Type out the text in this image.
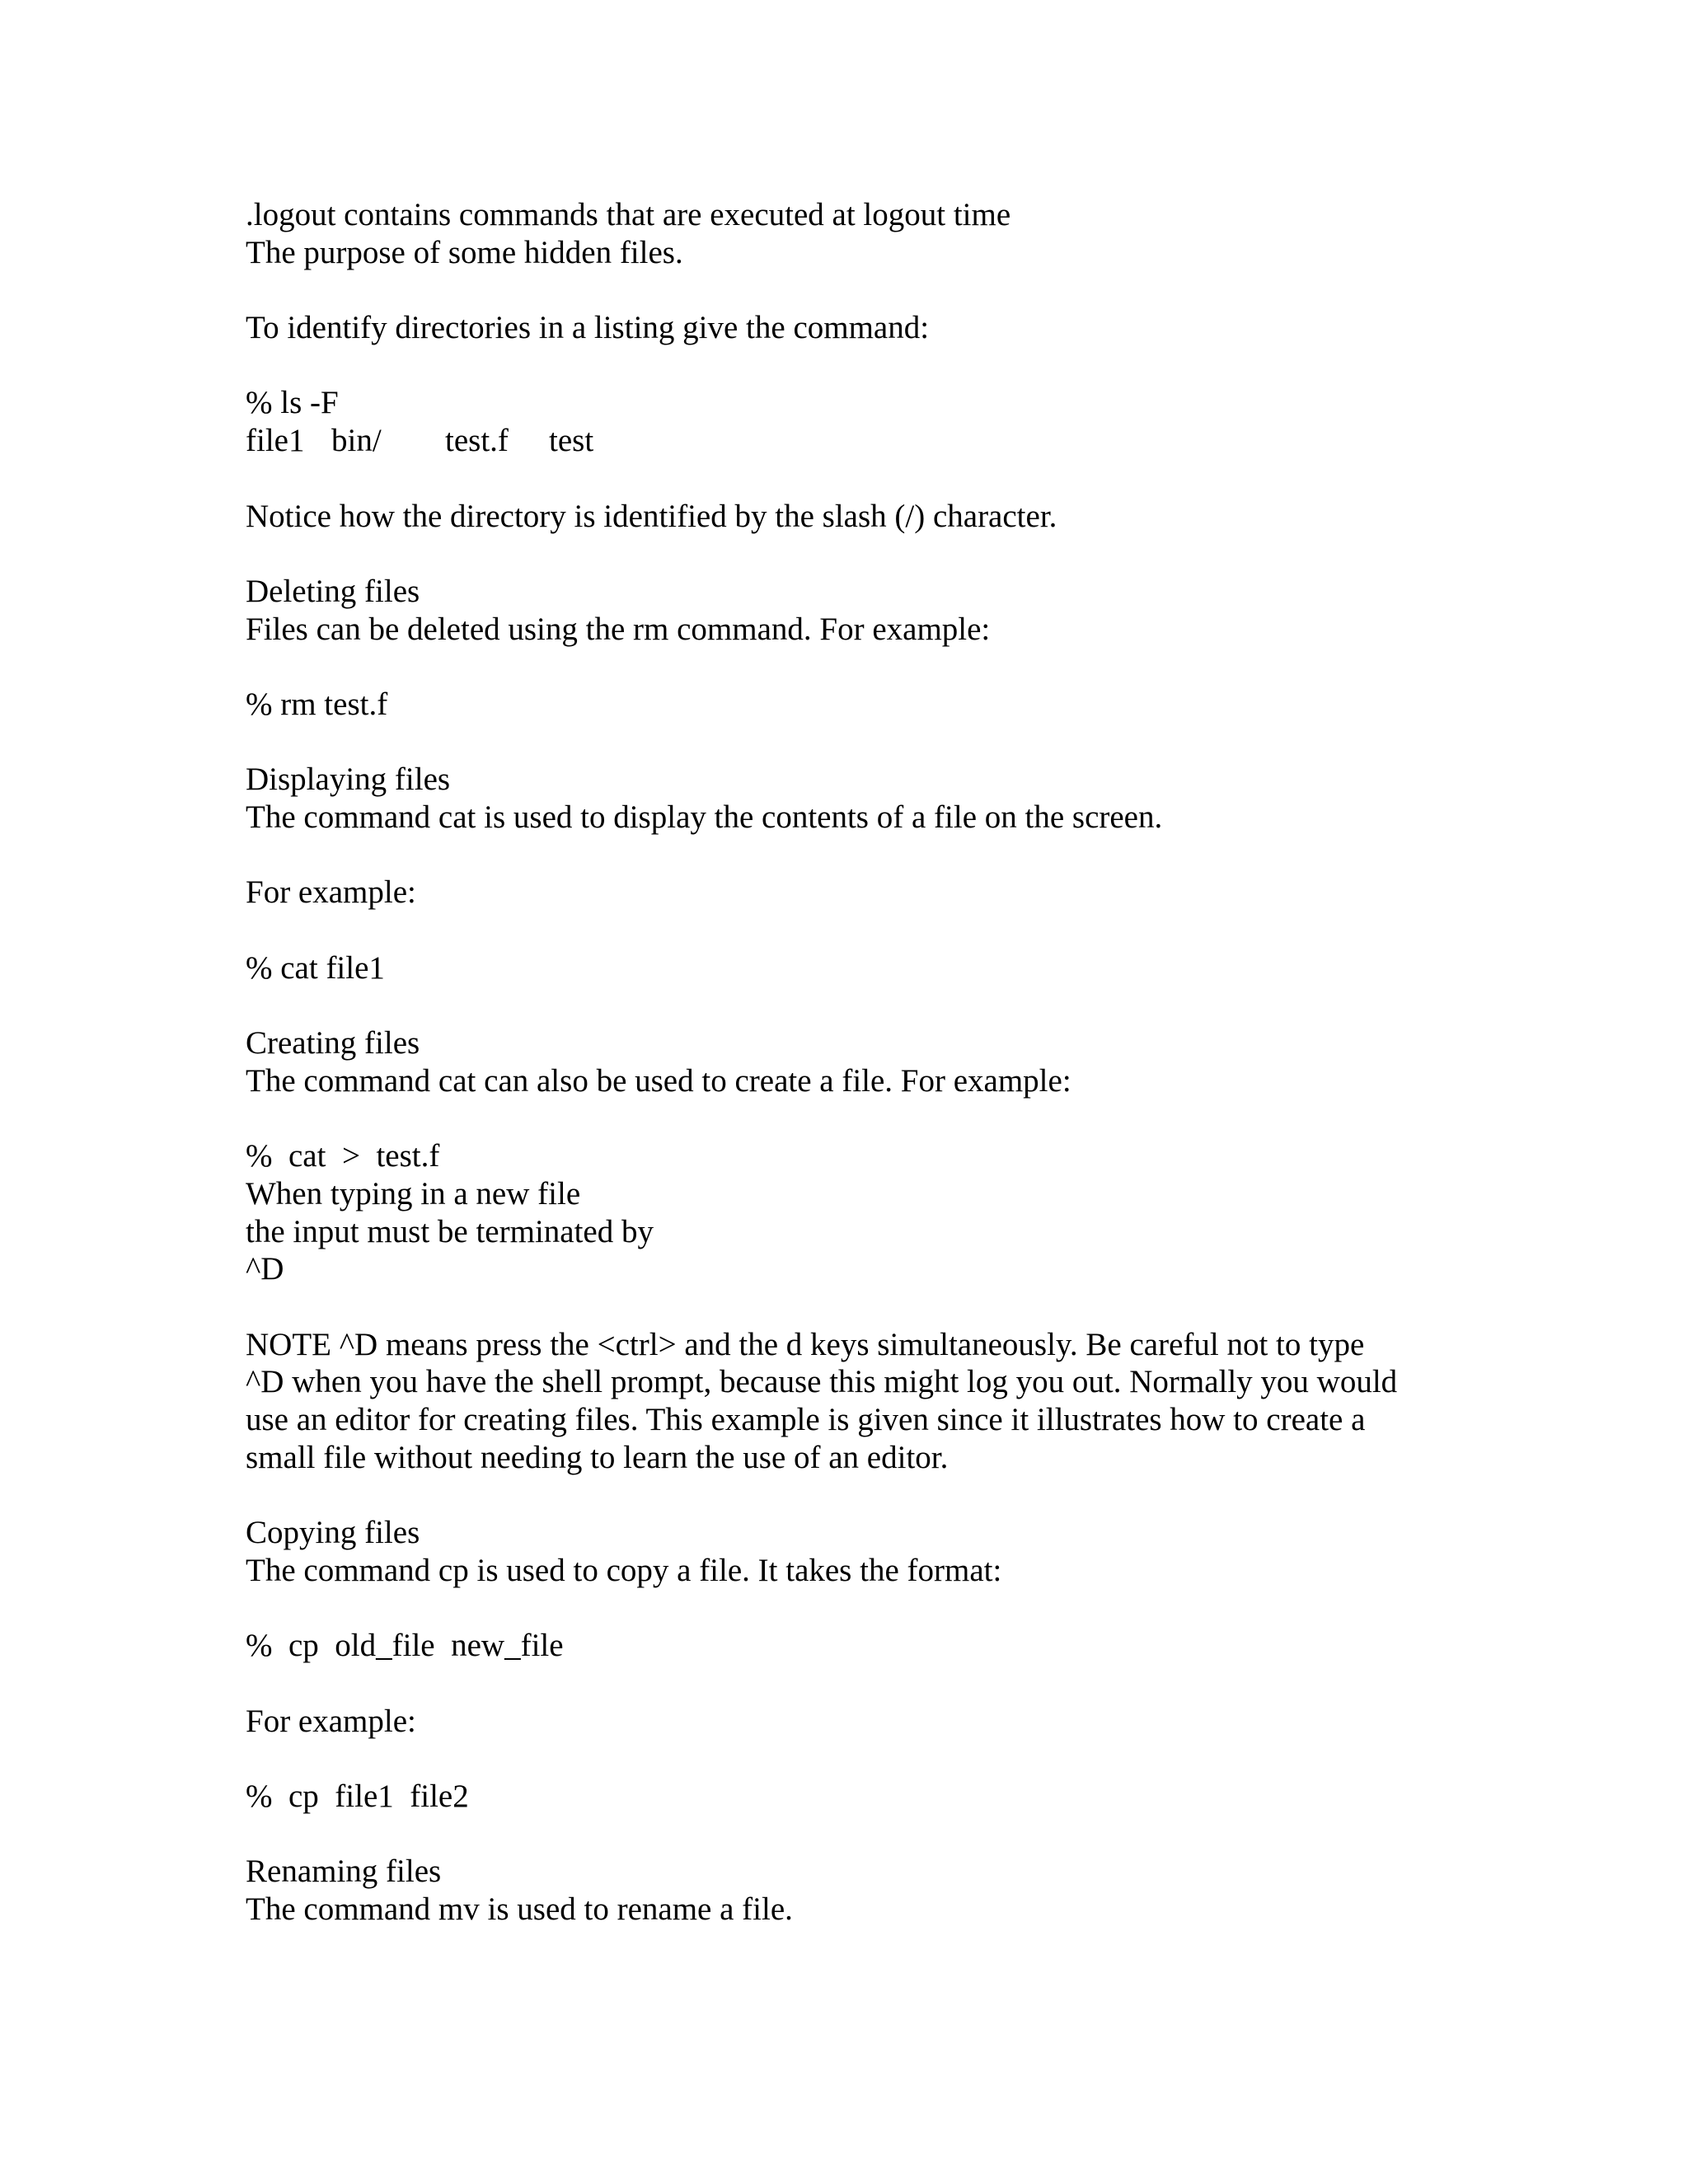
.logout contains commands that are executed at logout time
The purpose of some hidden files.
To identify directories in a listing give the command:
% ls -F
file1 bin/ test.f test
Notice how the directory is identified by the slash (/) character.
Deleting files
Files can be deleted using the rm command. For example:
% rm test.f
Displaying files
The command cat is used to display the contents of a file on the screen.
For example:
% cat file1
Creating files
The command cat can also be used to create a file. For example:
%  cat  >  test.f
When typing in a new file
the input must be terminated by
^D
NOTE ^D means press the <ctrl> and the d keys simultaneously. Be careful not to type
^D when you have the shell prompt, because this might log you out. Normally you would
use an editor for creating files. This example is given since it illustrates how to create a
small file without needing to learn the use of an editor.
Copying files
The command cp is used to copy a file. It takes the format:
%  cp  old_file  new_file
For example:
%  cp  file1  file2
Renaming files
The command mv is used to rename a file.
